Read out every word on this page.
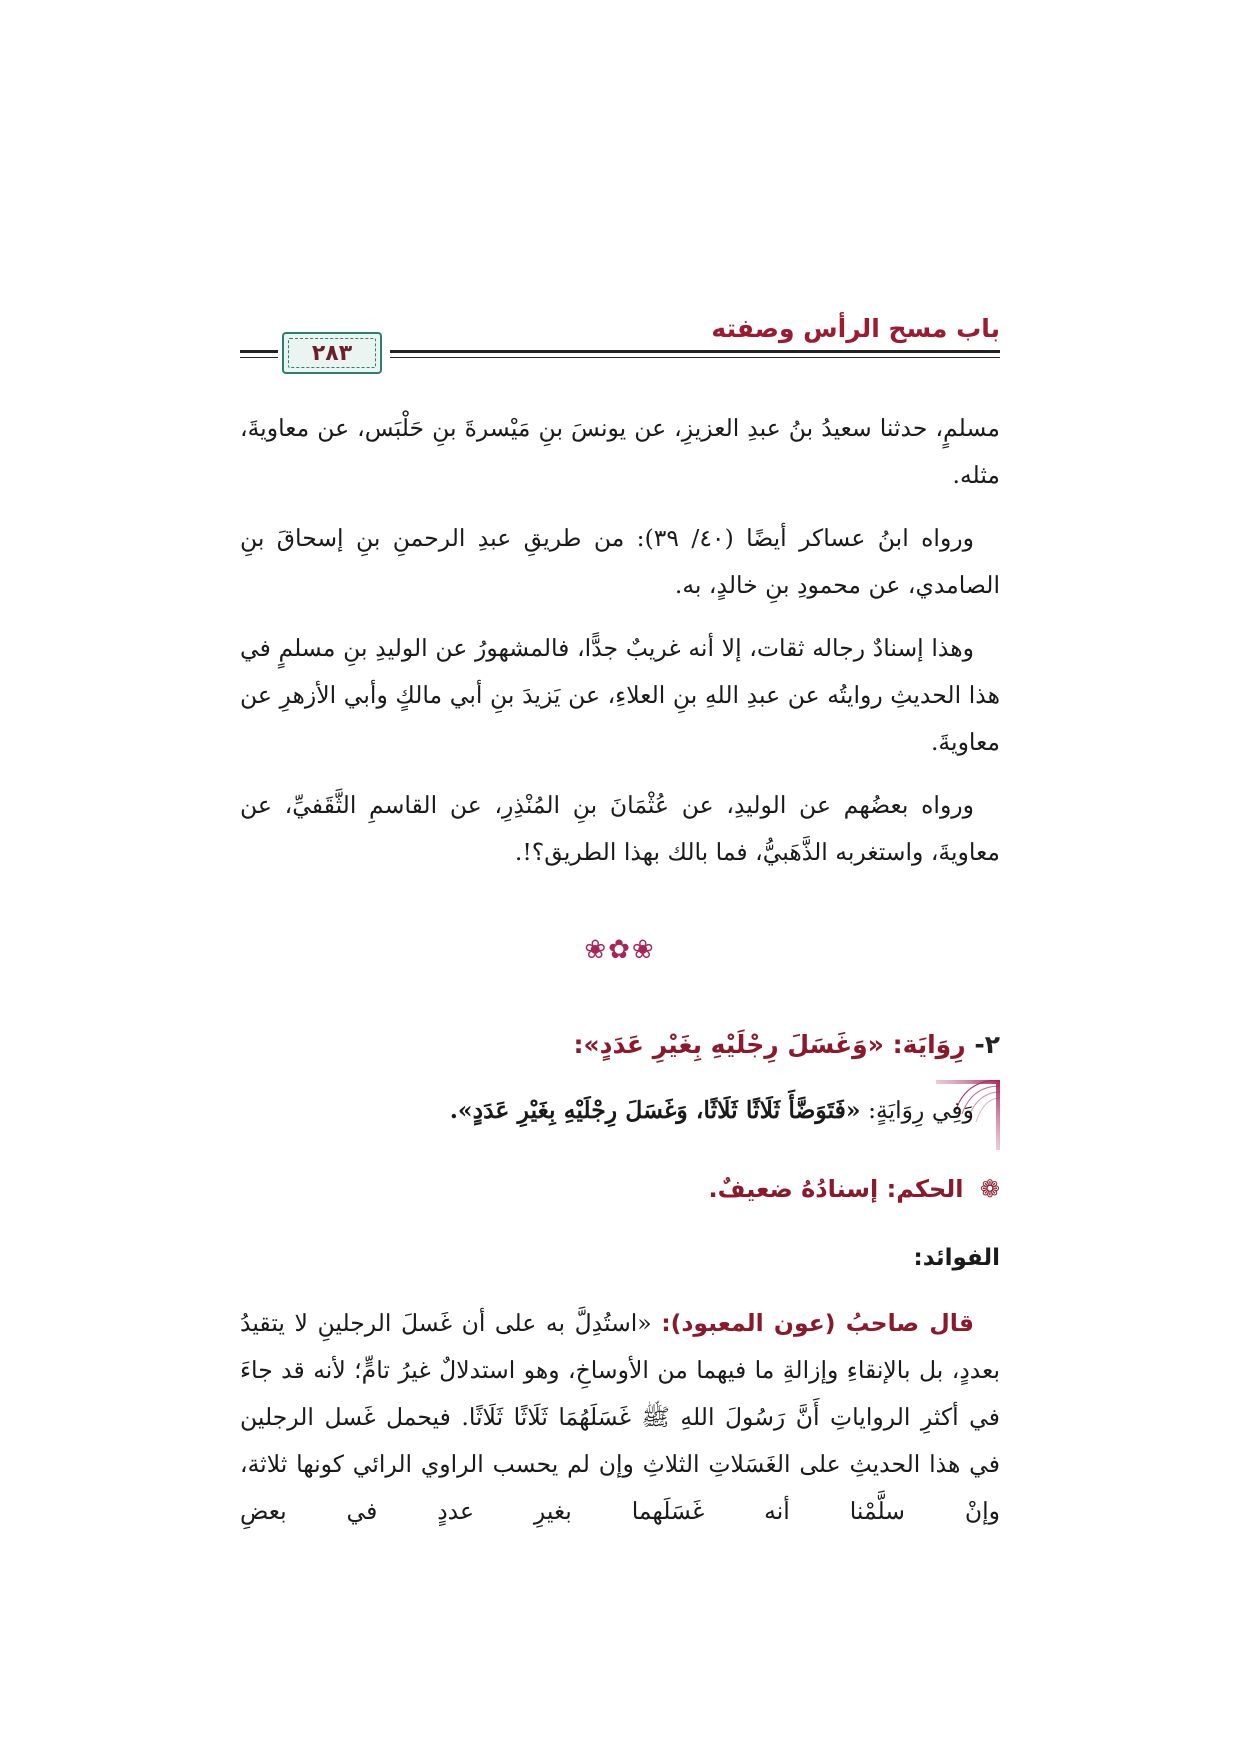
باب مسح الرأس وصفته
٢٨٣

مسلمٍ، حدثنا سعيدُ بنُ عبدِ العزيزِ، عن يونسَ بنِ مَيْسرةَ بنِ حَلْبَس، عن معاويةَ، مثله.

ورواه ابنُ عساكر أيضًا (٤٠/ ٣٩): من طريقِ عبدِ الرحمنِ بنِ إسحاقَ بنِ الصامدي، عن محمودِ بنِ خالدٍ، به.

وهذا إسنادٌ رجاله ثقات، إلا أنه غريبٌ جدًّا، فالمشهورُ عن الوليدِ بنِ مسلمٍ في هذا الحديثِ روايتُه عن عبدِ اللهِ بنِ العلاءِ، عن يَزيدَ بنِ أبي مالكٍ وأبي الأزهرِ عن معاويةَ.

ورواه بعضُهم عن الوليدِ، عن عُثْمَانَ بنِ المُنْذِرِ، عن القاسمِ الثَّقَفيِّ، عن معاويةَ، واستغربه الذَّهَبيُّ، فما بالك بهذا الطريق؟!.

❀✿❀
٢- رِوَايَة: «وَغَسَلَ رِجْلَيْهِ بِغَيْرِ عَدَدٍ»:
وَفِي رِوَايَةٍ: «فَتَوَضَّأَ ثَلَاثًا ثَلَاثًا، وَغَسَلَ رِجْلَيْهِ بِغَيْرِ عَدَدٍ».
❁ الحكم: إسنادُهُ ضعيفٌ.
الفوائد:

قال صاحبُ (عون المعبود): «استُدِلَّ به على أن غَسلَ الرجلينِ لا يتقيدُ بعددٍ، بل بالإنقاءِ وإزالةِ ما فيهما من الأوساخِ، وهو استدلالٌ غيرُ تامٍّ؛ لأنه قد جاءَ في أكثرِ الرواياتِ أَنَّ رَسُولَ اللهِ ﷺ غَسَلَهُمَا ثَلَاثًا ثَلَاثًا. فيحمل غَسل الرجلين في هذا الحديثِ على الغَسَلاتِ الثلاثِ وإن لم يحسب الراوي الرائي كونها ثلاثة، وإنْ سلَّمْنا أنه غَسَلَهما بغيرِ عددٍ في بعضِ
